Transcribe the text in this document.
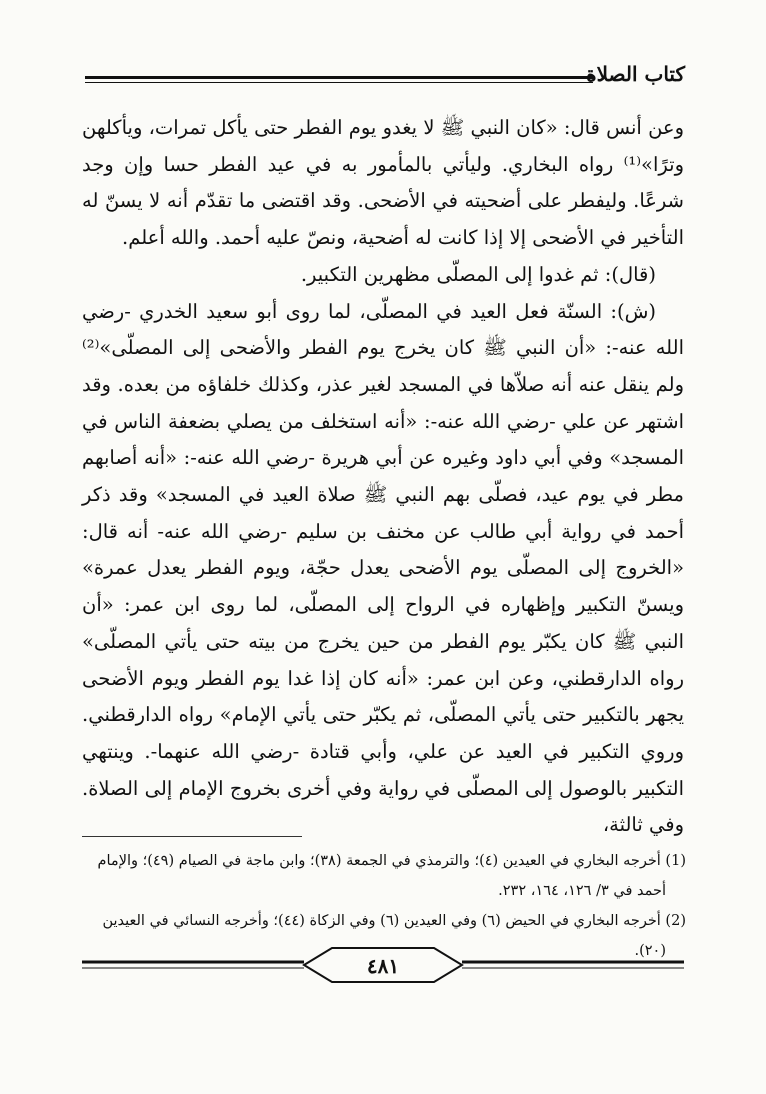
كتاب الصلاة

وعن أنس قال: «كان النبي ﷺ لا يغدو يوم الفطر حتى يأكل تمرات، ويأكلهن وترًا»⁽¹⁾ رواه البخاري. وليأتي بالمأمور به في عيد الفطر حسا وإن وجد شرعًا. وليفطر على أضحيته في الأضحى. وقد اقتضى ما تقدّم أنه لا يسنّ له التأخير في الأضحى إلا إذا كانت له أضحية، ونصّ عليه أحمد. والله أعلم.

(قال): ثم غدوا إلى المصلّى مظهرين التكبير.

(ش): السنّة فعل العيد في المصلّى، لما روى أبو سعيد الخدري -رضي الله عنه-: «أن النبي ﷺ كان يخرج يوم الفطر والأضحى إلى المصلّى»⁽²⁾ ولم ينقل عنه أنه صلاّها في المسجد لغير عذر، وكذلك خلفاؤه من بعده. وقد اشتهر عن علي -رضي الله عنه-: «أنه استخلف من يصلي بضعفة الناس في المسجد» وفي أبي داود وغيره عن أبي هريرة -رضي الله عنه-: «أنه أصابهم مطر في يوم عيد، فصلّى بهم النبي ﷺ صلاة العيد في المسجد» وقد ذكر أحمد في رواية أبي طالب عن مخنف بن سليم -رضي الله عنه- أنه قال: «الخروج إلى المصلّى يوم الأضحى يعدل حجّة، ويوم الفطر يعدل عمرة» ويسنّ التكبير وإظهاره في الرواح إلى المصلّى، لما روى ابن عمر: «أن النبي ﷺ كان يكبّر يوم الفطر من حين يخرج من بيته حتى يأتي المصلّى» رواه الدارقطني، وعن ابن عمر: «أنه كان إذا غدا يوم الفطر ويوم الأضحى يجهر بالتكبير حتى يأتي المصلّى، ثم يكبّر حتى يأتي الإمام» رواه الدارقطني. وروي التكبير في العيد عن علي، وأبي قتادة -رضي الله عنهما-. وينتهي التكبير بالوصول إلى المصلّى في رواية وفي أخرى بخروج الإمام إلى الصلاة. وفي ثالثة،

(1) أخرجه البخاري في العيدين (٤)؛ والترمذي في الجمعة (٣٨)؛ وابن ماجة في الصيام (٤٩)؛ والإمام
أحمد في ٣/ ١٢٦، ١٦٤، ٢٣٢.

(2) أخرجه البخاري في الحيض (٦) وفي العيدين (٦) وفي الزكاة (٤٤)؛ وأخرجه النسائي في العيدين
(٢٠).

٤٨١
